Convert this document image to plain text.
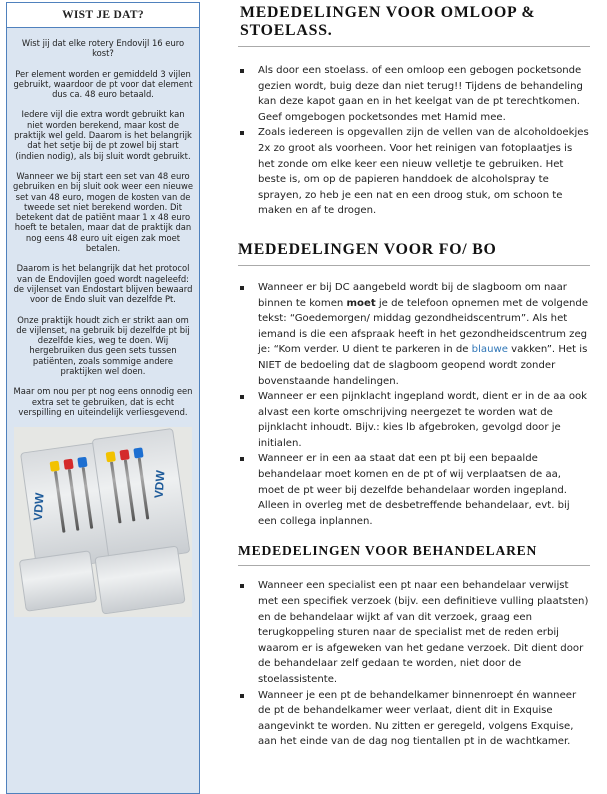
WIST JE DAT?

Wist jij dat elke rotery Endovijl 16 euro kost?

Per element worden er gemiddeld 3 vijlen gebruikt, waardoor de pt voor dat element dus ca. 48 euro betaald.

Iedere vijl die extra wordt gebruikt kan niet worden berekend, maar kost de praktijk wel geld. Daarom is het belangrijk dat het setje bij de pt zowel bij start (indien nodig), als bij sluit wordt gebruikt.

Wanneer we bij start een set van 48 euro gebruiken en bij sluit ook weer een nieuwe set van 48 euro, mogen de kosten van de tweede set niet berekend worden. Dit betekent dat de patiënt maar 1 x 48 euro hoeft te betalen, maar dat de praktijk dan nog eens 48 euro uit eigen zak moet betalen.

Daarom is het belangrijk dat het protocol van de Endovijlen goed wordt nageleefd: de vijlenset van Endostart blijven bewaard voor de Endo sluit van dezelfde Pt.

Onze praktijk houdt zich er strikt aan om de vijlenset, na gebruik bij dezelfde pt bij dezelfde kies, weg te doen. Wij hergebruiken dus geen sets tussen patiënten, zoals sommige andere praktijken wel doen.

Maar om nou per pt nog eens onnodig een extra set te gebruiken, dat is echt verspilling en uiteindelijk verliesgevend.

VDW
VDW
MEDEDELINGEN VOOR OMLOOP &
STOELASS.
Als door een stoelass. of een omloop een gebogen pocketsonde gezien wordt, buig deze dan niet terug!! Tijdens de behandeling kan deze kapot gaan en in het keelgat van de pt terechtkomen. Geef omgebogen pocketsondes met Hamid mee.
Zoals iedereen is opgevallen zijn de vellen van de alcoholdoekjes 2x zo groot als voorheen. Voor het reinigen van fotoplaatjes is het zonde om elke keer een nieuw velletje te gebruiken. Het beste is, om op de papieren handdoek de alcoholspray te sprayen, zo heb je een nat en een droog stuk, om schoon te maken en af te drogen.
MEDEDELINGEN VOOR FO/ BO
Wanneer er bij DC aangebeld wordt bij de slagboom om naar binnen te komen moet je de telefoon opnemen met de volgende tekst: “Goedemorgen/ middag gezondheidscentrum”. Als het iemand is die een afspraak heeft in het gezondheidscentrum zeg je: “Kom verder. U dient te parkeren in de blauwe vakken”. Het is NIET de bedoeling dat de slagboom geopend wordt zonder bovenstaande handelingen.
Wanneer er een pijnklacht ingepland wordt, dient er in de aa ook alvast een korte omschrijving neergezet te worden wat de pijnklacht inhoudt. Bijv.: kies lb afgebroken, gevolgd door je initialen.
Wanneer er in een aa staat dat een pt bij een bepaalde behandelaar moet komen en de pt of wij verplaatsen de aa, moet de pt weer bij dezelfde behandelaar worden ingepland. Alleen in overleg met de desbetreffende behandelaar, evt. bij een collega inplannen.
MEDEDELINGEN VOOR BEHANDELAREN
Wanneer een specialist een pt naar een behandelaar verwijst met een specifiek verzoek (bijv. een definitieve vulling plaatsten) en de behandelaar wijkt af van dit verzoek, graag een terugkoppeling sturen naar de specialist met de reden erbij waarom er is afgeweken van het gedane verzoek. Dit dient door de behandelaar zelf gedaan te worden, niet door de stoelassistente.
Wanneer je een pt de behandelkamer binnenroept én wanneer de pt de behandelkamer weer verlaat, dient dit in Exquise aangevinkt te worden. Nu zitten er geregeld, volgens Exquise, aan het einde van de dag nog tientallen pt in de wachtkamer.
